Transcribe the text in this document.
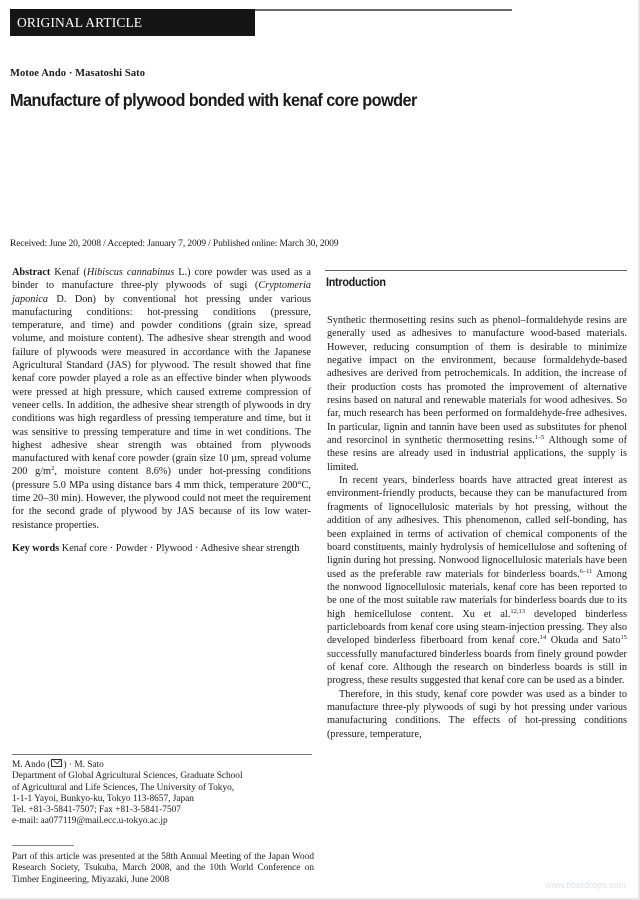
ORIGINAL ARTICLE
Motoe Ando · Masatoshi Sato
Manufacture of plywood bonded with kenaf core powder
Received: June 20, 2008 / Accepted: January 7, 2009 / Published online: March 30, 2009

Abstract Kenaf (Hibiscus cannabinus L.) core powder was used as a binder to manufacture three-ply plywoods of sugi (Cryptomeria japonica D. Don) by conventional hot pressing under various manufacturing conditions: hot-pressing conditions (pressure, temperature, and time) and powder conditions (grain size, spread volume, and moisture content). The adhesive shear strength and wood failure of plywoods were measured in accordance with the Japanese Agricultural Standard (JAS) for plywood. The result showed that fine kenaf core powder played a role as an effective binder when plywoods were pressed at high pressure, which caused extreme compression of veneer cells. In addition, the adhesive shear strength of plywoods in dry conditions was high regardless of pressing temperature and time, but it was sensitive to pressing temperature and time in wet conditions. The highest adhesive shear strength was obtained from plywoods manufactured with kenaf core powder (grain size 10 µm, spread volume 200 $g/m^2$, moisture content 8.6%) under hot-pressing conditions (pressure 5.0 MPa using distance bars 4 mm thick, temperature 200°C, time 20–30 min). However, the plywood could not meet the requirement for the second grade of plywood by JAS because of its low water-resistance properties.

Key words Kenaf core · Powder · Plywood · Adhesive shear strength

Introduction

Synthetic thermosetting resins such as phenol–formaldehyde resins are generally used as adhesives to manufacture wood-based materials. However, reducing consumption of them is desirable to minimize negative impact on the environment, because formaldehyde-based adhesives are derived from petrochemicals. In addition, the increase of their production costs has promoted the improvement of alternative resins based on natural and renewable materials for wood adhesives. So far, much research has been performed on formaldehyde-free adhesives. In particular, lignin and tannin have been used as substitutes for phenol and resorcinol in synthetic thermosetting resins.$^{1-5}$ Although some of these resins are already used in industrial applications, the supply is limited.

In recent years, binderless boards have attracted great interest as environment-friendly products, because they can be manufactured from fragments of lignocellulosic materials by hot pressing, without the addition of any adhesives. This phenomenon, called self-bonding, has been explained in terms of activation of chemical components of the board constituents, mainly hydrolysis of hemicellulose and softening of lignin during hot pressing. Nonwood lignocellulosic materials have been used as the preferable raw materials for binderless boards.$^{6-11}$ Among the nonwood lignocellulosic materials, kenaf core has been reported to be one of the most suitable raw materials for binderless boards due to its high hemicellulose content. Xu et al.$^{12,13}$ developed binderless particleboards from kenaf core using steam-injection pressing. They also developed binderless fiberboard from kenaf core.$^{14}$ Okuda and Sato$^{15}$ successfully manufactured binderless boards from finely ground powder of kenaf core. Although the research on binderless boards is still in progress, these results suggested that kenaf core can be used as a binder.

Therefore, in this study, kenaf core powder was used as a binder to manufacture three-ply plywoods of sugi by hot pressing under various manufacturing conditions. The effects of hot-pressing conditions (pressure, temperature,

M. Ando ( ) · M. Sato
Department of Global Agricultural Sciences, Graduate School
of Agricultural and Life Sciences, The University of Tokyo,
1-1-1 Yayoi, Bunkyo-ku, Tokyo 113-8657, Japan
Tel. +81-3-5841-7507; Fax +81-3-5841-7507
e-mail: aa077119@mail.ecc.u-tokyo.ac.jp
Part of this article was presented at the 58th Annual Meeting of the Japan Wood Research Society, Tsukuba, March 2008, and the 10th World Conference on Timber Engineering, Miyazaki, June 2008
www.fiberdrops.com
